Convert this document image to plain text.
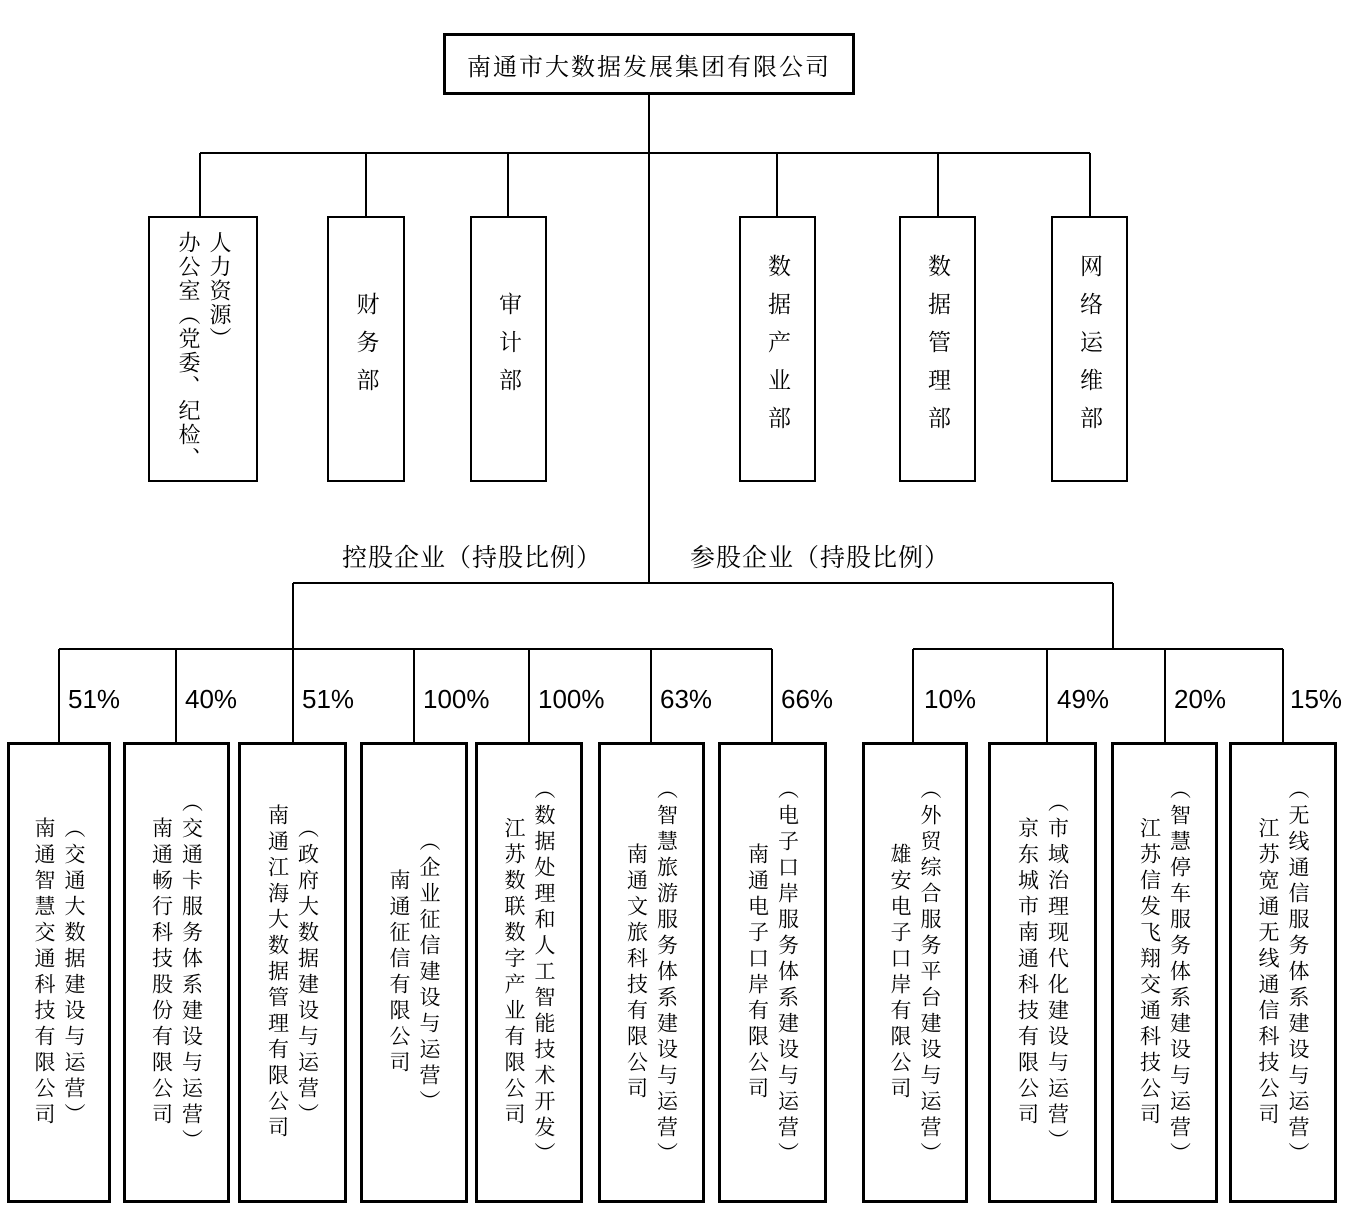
南通市大数据发展集团有限公司
办公室（党委、纪检、 人力资源）	财务部	审计部	数据产业部	数据管理部	网络运维部
控股企业（持股比例）	参股企业（持股比例）
51% 40% 51%	100% 100% 63%	66%	10%	49% 20% 15%
南通智慧交通科技有限公司 （交通大数据建设与运营）	南通畅行科技股份有限公司 （交通卡服务体系建设与运营）	南通江海大数据管理有限公司 （政府大数据建设与运营）	南通征信有限公司 （企业征信建设与运营）	江苏数联数字产业有限公司 （数据处理和人工智能技术开发）	南通文旅科技有限公司 （智慧旅游服务体系建设与运营）	南通电子口岸有限公司 （电子口岸服务体系建设与运营）	雄安电子口岸有限公司 （外贸综合服务平台建设与运营）	京东城市南通科技有限公司 （市域治理现代化建设与运营）	江苏信发飞翔交通科技公司 （智慧停车服务体系建设与运营）	江苏宽通无线通信科技公司 （无线通信服务体系建设与运营）
